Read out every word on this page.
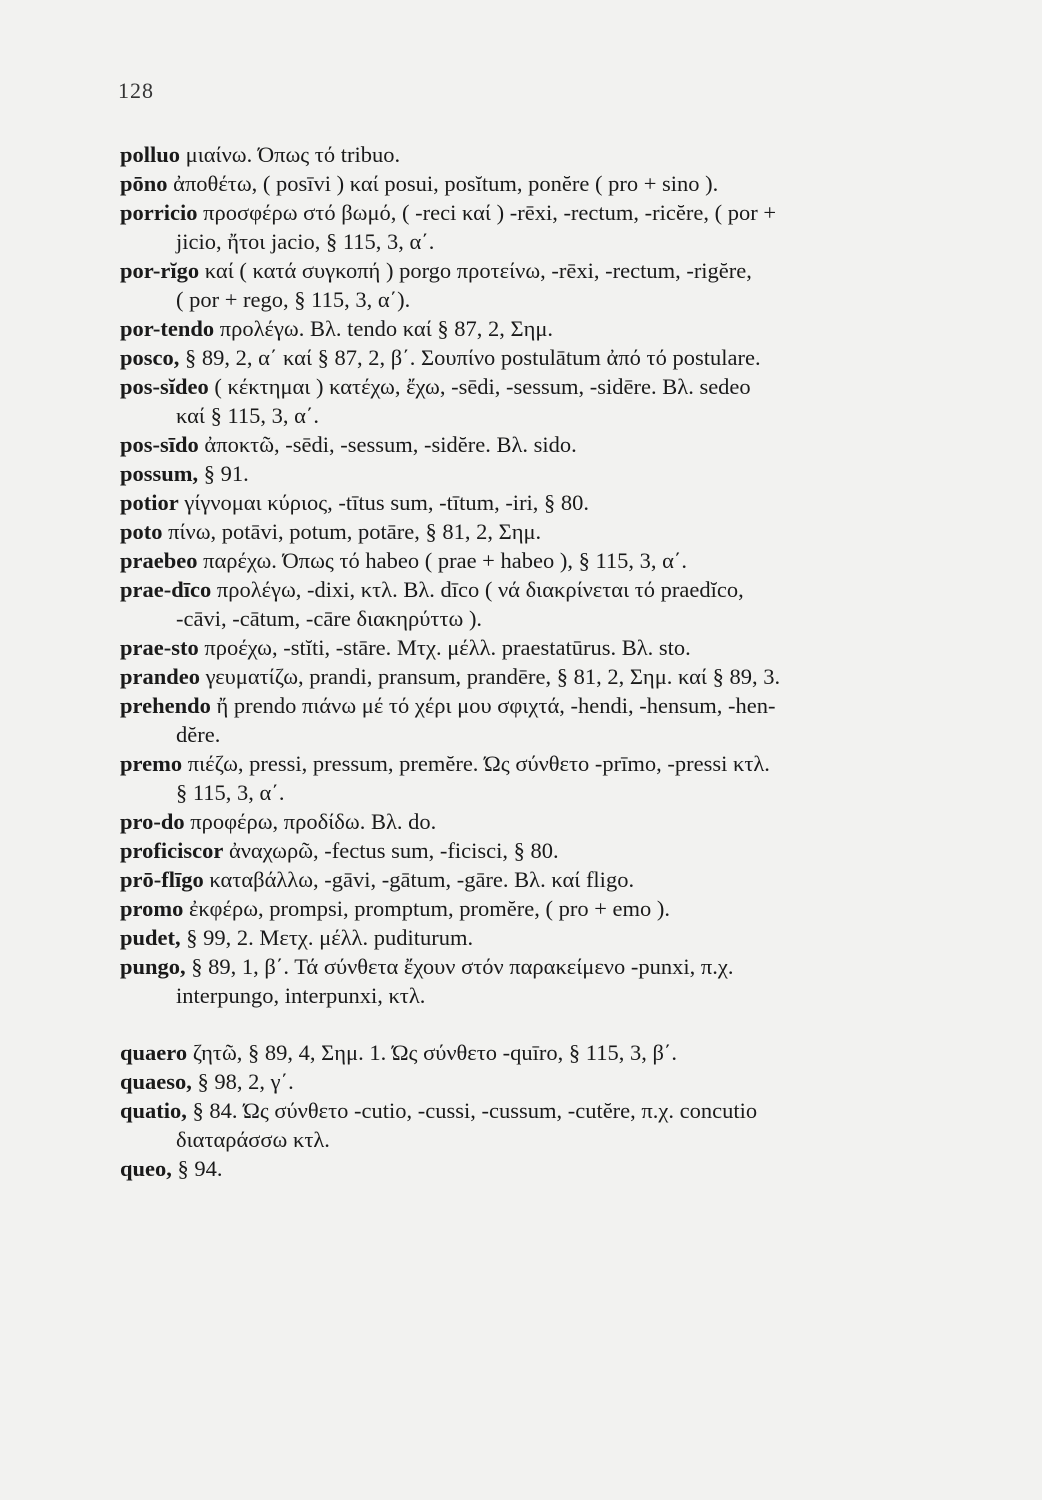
128

polluo μιαίνω. Όπως τό tribuo.

pōno ἀποθέτω, ( posīvi ) καί posui, posĭtum, ponĕre ( pro + sino ).

porricio προσφέρω στό βωμό, ( -reci καί ) -rēxi, -rectum, -ricĕre, ( por +
jicio, ἤτοι jacio, § 115, 3, α΄.

por-rĭgo καί ( κατά συγκοπή ) porgo προτείνω, -rēxi, -rectum, -rigĕre,
( por + rego, § 115, 3, α΄).

por-tendo προλέγω. Βλ. tendo καί § 87, 2, Σημ.

posco, § 89, 2, α΄ καί § 87, 2, β΄. Σουπίνο postulātum ἀπό τό postulare.

pos-sĭdeo ( κέκτημαι ) κατέχω, ἔχω, -sēdi, -sessum, -sidēre. Βλ. sedeo
καί § 115, 3, α΄.

pos-sīdo ἀποκτῶ, -sēdi, -sessum, -sidĕre. Βλ. sido.

possum, § 91.

potior γίγνομαι κύριος, -tītus sum, -tītum, -iri, § 80.

poto πίνω, potāvi, potum, potāre, § 81, 2, Σημ.

praebeo παρέχω. Όπως τό habeo ( prae + habeo ), § 115, 3, α΄.

prae-dīco προλέγω, -dixi, κτλ. Βλ. dīco ( νά διακρίνεται τό praedĭco,
-cāvi, -cātum, -cāre διακηρύττω ).

prae-sto προέχω, -stĭti, -stāre. Μτχ. μέλλ. praestatūrus. Βλ. sto.

prandeo γευματίζω, prandi, pransum, prandēre, § 81, 2, Σημ. καί § 89, 3.

prehendo ἤ prendo πιάνω μέ τό χέρι μου σφιχτά, -hendi, -hensum, -hen-
dĕre.

premo πιέζω, pressi, pressum, premĕre. Ώς σύνθετο -prīmo, -pressi κτλ.
§ 115, 3, α΄.

pro-do προφέρω, προδίδω. Βλ. do.

proficiscor ἀναχωρῶ, -fectus sum, -ficisci, § 80.

prō-flīgo καταβάλλω, -gāvi, -gātum, -gāre. Βλ. καί fligo.

promo ἐκφέρω, prompsi, promptum, promĕre, ( pro + emo ).

pudet, § 99, 2. Μετχ. μέλλ. puditurum.

pungo, § 89, 1, β΄. Τά σύνθετα ἔχουν στόν παρακείμενο -punxi, π.χ.
interpungo, interpunxi, κτλ.

quaero ζητῶ, § 89, 4, Σημ. 1. Ώς σύνθετο -quīro, § 115, 3, β΄.

quaeso, § 98, 2, γ΄.

quatio, § 84. Ώς σύνθετο -cutio, -cussi, -cussum, -cutĕre, π.χ. concutio
διαταράσσω κτλ.

queo, § 94.
